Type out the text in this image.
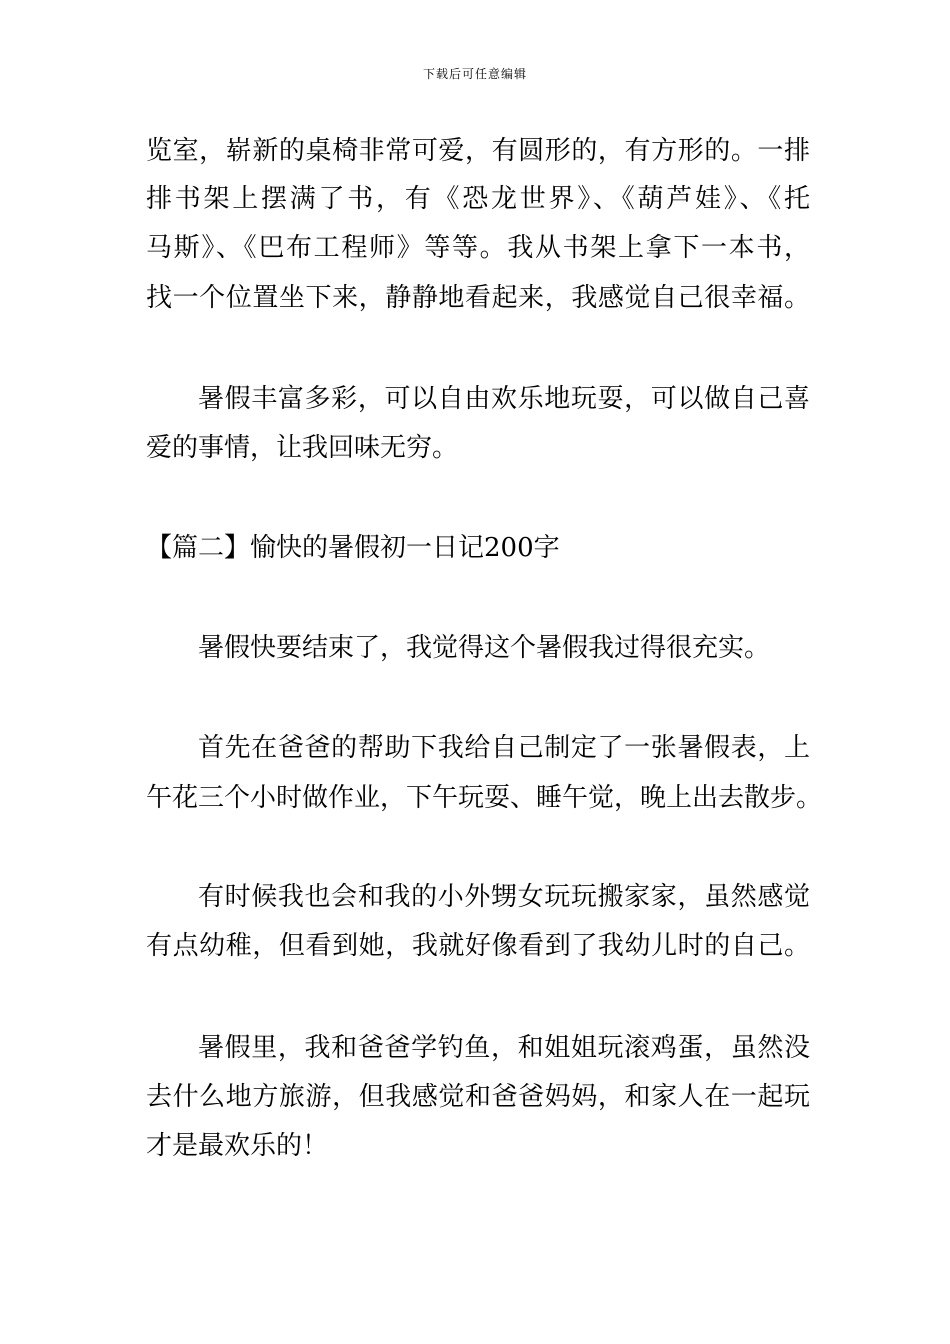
下载后可任意编辑
览室，崭新的桌椅非常可爱，有圆形的，有方形的。一排
排书架上摆满了书，有《恐龙世界》、《葫芦娃》、《托
马斯》、《巴布工程师》等等。我从书架上拿下一本书，
找一个位置坐下来，静静地看起来，我感觉自己很幸福。
暑假丰富多彩，可以自由欢乐地玩耍，可以做自己喜
爱的事情，让我回味无穷。
【篇二】愉快的暑假初一日记200字
暑假快要结束了，我觉得这个暑假我过得很充实。
首先在爸爸的帮助下我给自己制定了一张暑假表，上
午花三个小时做作业，下午玩耍、睡午觉，晚上出去散步。
有时候我也会和我的小外甥女玩玩搬家家，虽然感觉
有点幼稚，但看到她，我就好像看到了我幼儿时的自己。
暑假里，我和爸爸学钓鱼，和姐姐玩滚鸡蛋，虽然没
去什么地方旅游，但我感觉和爸爸妈妈，和家人在一起玩
才是最欢乐的！
